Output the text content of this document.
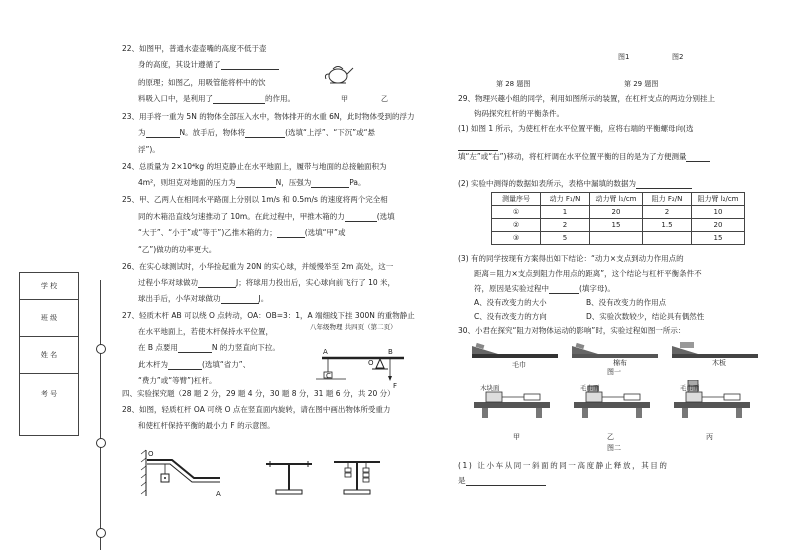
学 校
班 级
姓 名
考 号
22、如图甲，普通水壶壶嘴的高度不低于壶
身的高度，其设计遵循了
的原理；如图乙，用吸管能将杯中的饮
料吸入口中，是利用了	的作用。	甲	乙
23、用手将一重为 5N 的物体全部压入水中，物体排开的水重 6N，此时物体受到的浮力
为	N。放手后，物体将	(选填“上浮”、“下沉”或“悬
浮”)。
24、总质量为 2×10⁴kg 的坦克静止在水平地面上，履带与地面的总接触面积为
4m²，则坦克对地面的压力为	N，压强为	Pa。
25、甲、乙两人在相同水平路面上分别以 1m/s 和 0.5m/s 的速度将两个完全相
同的木箱沿直线匀速推动了 10m。在此过程中，甲推木箱的力	(选填
“大于”、“小于”或“等于”)乙推木箱的力；	(选填“甲”或
“乙”)做功的功率更大。
26、在实心球测试时，小华捡起重为 20N 的实心球，并缓慢举至 2m 高处，这一
过程小华对球做功	J；将球用力投出后，实心球向前飞行了 10 米，
球出手后，小华对球做功	J。
27、轻质木杆 AB 可以绕 O 点转动，OA：OB=3：1，A 端细线下挂 300N 的重物静止
在水平地面上，若使木杆保持水平位置，	八年级物理 共四页（第二页）
在 B 点要用	N 的力竖直向下拉。
此木杆为	(选填“省力”、
“费力”或“等臂”)杠杆。
A	B
O
C
F
四、实验探究题（28 题 2 分，29 题 4 分，30 题 8 分，31 题 6 分，共 20 分）
28、如图，轻质杠杆 OA 可绕 O 点在竖直面内旋转，请在图中画出物体所受重力
和使杠杆保持平衡的最小力 F 的示意图。
O
A
图1	图2
第 28 题图	第 29 题图
29、物理兴趣小组的同学，利用如图所示的装置，在杠杆支点的两边分别挂上
钩码探究杠杆的平衡条件。
(1) 如图 1 所示，为使杠杆在水平位置平衡，应将右端的平衡螺母向(选
填“左”或“右”)移动，将杠杆调在水平位置平衡的目的是为了方便测量
(2) 实验中测得的数据如表所示，表格中漏填的数据为
测量序号	动力 F₁/N	动力臂 l₁/cm	阻力 F₂/N	阻力臂 l₂/cm
①	1	20	2	10
②	2	15	1.5	20
③	5			15
(3) 有的同学按现有方案得出如下结论：“动力×支点到动力作用点的
距离＝阻力×支点到阻力作用点的距离”，这个结论与杠杆平衡条件不
符，原因是实验过程中	(填字母)。
A、没有改变力的大小	B、没有改变力的作用点
C、没有改变力的方向	D、实验次数较少，结论具有偶然性
30、小君在探究“阻力对物体运动的影响”时，实验过程如图一所示：
毛巾	棉布	木板
图一
木块面	毛巾面	毛巾面
甲	乙	丙
图二
(1) 让小车从同一斜面的同一高度静止释放，其目的
是
